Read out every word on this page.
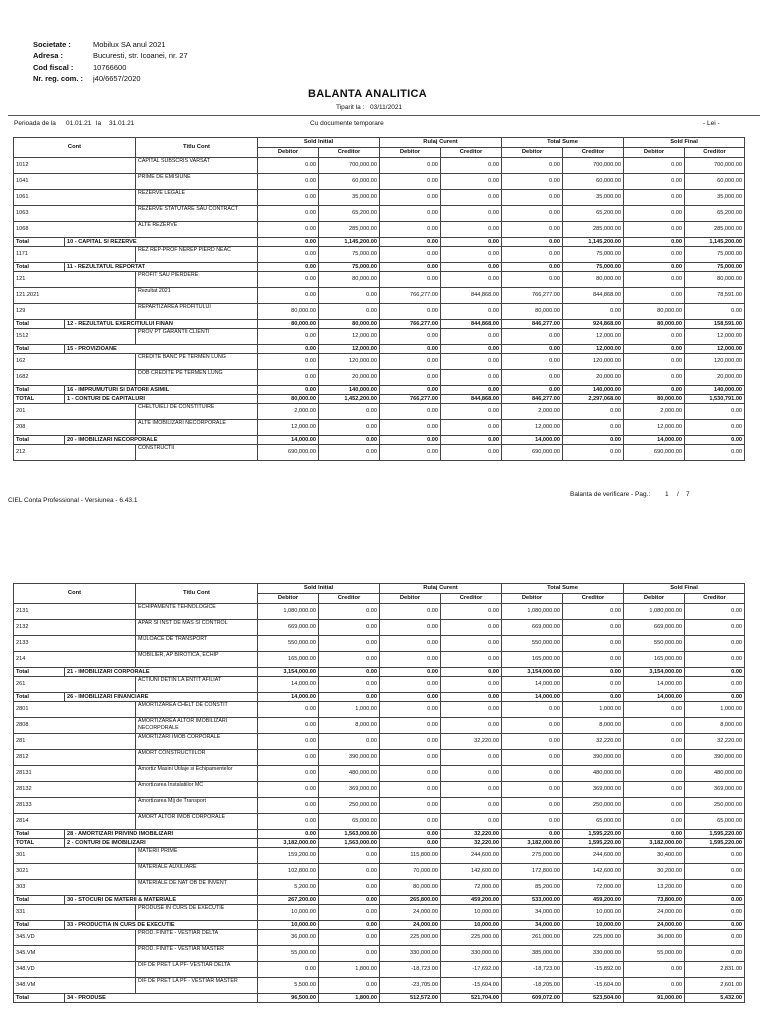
Societate :	Mobilux SA anul 2021
Adresa :	Bucuresti, str. Icoanei, nr. 27
Cod fiscal :	10766600
Nr. reg. com. : j40/6657/2020
BALANTA ANALITICA
Tiparit la : 03/11/2021
Perioada de la 01.01.21 la 31.01.21	Cu documente temporare	- Lei -
Cont		Titlu Cont	Sold Initial		Rulaj Curent		Total Sume		Sold Final	
			Debitor	Creditor	Debitor	Creditor	Debitor	Creditor	Debitor	Creditor
1012		CAPITAL SUBSCRIS VARSAT	0.00	700,000.00	0.00	0.00	0.00	700,000.00	0.00	700,000.00
1041		PRIME DE EMISIUNE	0.00	60,000.00	0.00	0.00	0.00	60,000.00	0.00	60,000.00
1061		REZERVE LEGALE	0.00	35,000.00	0.00	0.00	0.00	35,000.00	0.00	35,000.00
1063		REZERVE STATUTARE SAU CONTRACT	0.00	65,200.00	0.00	0.00	0.00	65,200.00	0.00	65,200.00
1068		ALTE REZERVE	0.00	285,000.00	0.00	0.00	0.00	285,000.00	0.00	285,000.00
Total	10 - CAPITAL SI REZERVE		0.00	1,145,200.00	0.00	0.00	0.00	1,145,200.00	0.00	1,145,200.00
1171		REZ REP-PROF NEREP PIERD NEAC	0.00	75,000.00	0.00	0.00	0.00	75,000.00	0.00	75,000.00
Total	11 - REZULTATUL REPORTAT		0.00	75,000.00	0.00	0.00	0.00	75,000.00	0.00	75,000.00
121		PROFIT SAU PIERDERE	0.00	80,000.00	0.00	0.00	0.00	80,000.00	0.00	80,000.00
121.2021		Rezultat 2021	0.00	0.00	766,277.00	844,868.00	766,277.00	844,868.00	0.00	78,591.00
129		REPARTIZAREA PROFITULUI	80,000.00	0.00	0.00	0.00	80,000.00	0.00	80,000.00	0.00
Total	12 - REZULTATUL EXERCITIULUI FINAN		80,000.00	80,000.00	766,277.00	844,868.00	846,277.00	924,868.00	80,000.00	158,591.00
1512		PROV PT GARANTII CLIENTI	0.00	12,000.00	0.00	0.00	0.00	12,000.00	0.00	12,000.00
Total	15 - PROVIZIOANE		0.00	12,000.00	0.00	0.00	0.00	12,000.00	0.00	12,000.00
162		CREDITE BANC PE TERMEN LUNG	0.00	120,000.00	0.00	0.00	0.00	120,000.00	0.00	120,000.00
1682		DOB CREDITE PE TERMEN LUNG	0.00	20,000.00	0.00	0.00	0.00	20,000.00	0.00	20,000.00
Total	16 - IMPRUMUTURI SI DATORII ASIMIL		0.00	140,000.00	0.00	0.00	0.00	140,000.00	0.00	140,000.00
TOTAL	1 - CONTURI DE CAPITALURI		80,000.00	1,452,200.00	766,277.00	844,868.00	846,277.00	2,297,068.00	80,000.00	1,530,791.00
201		CHELTUIELI DE CONSTITUIRE	2,000.00	0.00	0.00	0.00	2,000.00	0.00	2,000.00	0.00
208		ALTE IMOBILIZARI NECORPORALE	12,000.00	0.00	0.00	0.00	12,000.00	0.00	12,000.00	0.00
Total	20 - IMOBILIZARI NECORPORALE		14,000.00	0.00	0.00	0.00	14,000.00	0.00	14,000.00	0.00
212		CONSTRUCTII	690,000.00	0.00	0.00	0.00	690,000.00	0.00	690,000.00	0.00
CIEL Conta Professional - Versiunea - 6.43.1
Balanta de verificare - Pag.: 1 / 7
Cont		Titlu Cont	Sold Initial		Rulaj Curent		Total Sume		Sold Final	
			Debitor	Creditor	Debitor	Creditor	Debitor	Creditor	Debitor	Creditor
2131		ECHIPAMENTE TEHNOLOGICE	1,080,000.00	0.00	0.00	0.00	1,080,000.00	0.00	1,080,000.00	0.00
2132		APAR SI INST DE MAS SI CONTROL	669,000.00	0.00	0.00	0.00	669,000.00	0.00	669,000.00	0.00
2133		MIJLOACE DE TRANSPORT	550,000.00	0.00	0.00	0.00	550,000.00	0.00	550,000.00	0.00
214		MOBILIER, AP BIROTICA, ECHIP	165,000.00	0.00	0.00	0.00	165,000.00	0.00	165,000.00	0.00
Total	21 - IMOBILIZARI CORPORALE		3,154,000.00	0.00	0.00	0.00	3,154,000.00	0.00	3,154,000.00	0.00
261		ACTIUNI DETIN LA ENTIT AFILIAT	14,000.00	0.00	0.00	0.00	14,000.00	0.00	14,000.00	0.00
Total	26 - IMOBILIZARI FINANCIARE		14,000.00	0.00	0.00	0.00	14,000.00	0.00	14,000.00	0.00
2801		AMORTIZAREA CHELT DE CONSTIT	0.00	1,000.00	0.00	0.00	0.00	1,000.00	0.00	1,000.00
2808		AMORTIZAREA ALTOR IMOBILIZARI NECORPORALE	0.00	8,000.00	0.00	0.00	0.00	8,000.00	0.00	8,000.00
281		AMORTIZARI IMOB CORPORALE	0.00	0.00	0.00	32,220.00	0.00	32,220.00	0.00	32,220.00
2812		AMORT CONSTRUCTIILOR	0.00	390,000.00	0.00	0.00	0.00	390,000.00	0.00	390,000.00
28131		Amortiz Masini Utilaje si Echipamentelor	0.00	480,000.00	0.00	0.00	0.00	480,000.00	0.00	480,000.00
28132		Amortizarea Instalatiilor MC	0.00	369,000.00	0.00	0.00	0.00	369,000.00	0.00	369,000.00
28133		Amortizarea Mij de Transport	0.00	250,000.00	0.00	0.00	0.00	250,000.00	0.00	250,000.00
2814		AMORT ALTOR IMOB CORPORALE	0.00	65,000.00	0.00	0.00	0.00	65,000.00	0.00	65,000.00
Total	28 - AMORTIZARI PRIVIND IMOBILIZARI		0.00	1,563,000.00	0.00	32,220.00	0.00	1,595,220.00	0.00	1,595,220.00
TOTAL	2 - CONTURI DE IMOBILIZARI		3,182,000.00	1,563,000.00	0.00	32,220.00	3,182,000.00	1,595,220.00	3,182,000.00	1,595,220.00
301		MATERII PRIME	159,200.00	0.00	115,800.00	244,600.00	275,000.00	244,600.00	30,400.00	0.00
3021		MATERIALE AUXILIARE	102,800.00	0.00	70,000.00	142,600.00	172,800.00	142,600.00	30,200.00	0.00
303		MATERIALE DE NAT OB DE INVENT	5,200.00	0.00	80,000.00	72,000.00	85,200.00	72,000.00	13,200.00	0.00
Total	30 - STOCURI DE MATERII & MATERIALE		267,200.00	0.00	265,800.00	459,200.00	533,000.00	459,200.00	73,800.00	0.00
331		PRODUSE IN CURS DE EXECUTIE	10,000.00	0.00	24,000.00	10,000.00	34,000.00	10,000.00	24,000.00	0.00
Total	33 - PRODUCTIA IN CURS DE EXECUTIE		10,000.00	0.00	24,000.00	10,000.00	34,000.00	10,000.00	24,000.00	0.00
345.VD		PROD. FINITE - VESTIAR DELTA	36,000.00	0.00	225,000.00	225,000.00	261,000.00	225,000.00	36,000.00	0.00
345.VM		PROD. FINITE - VESTIAR MASTER	55,000.00	0.00	330,000.00	330,000.00	385,000.00	330,000.00	55,000.00	0.00
348.VD		DIF DE PRET LA PF- VESTIAR DELTA	0.00	1,800.00	-18,723.00	-17,692.00	-18,723.00	-15,892.00	0.00	2,831.00
348.VM		DIF DE PRET LA PF - VESTIAR MASTER	5,500.00	0.00	-23,705.00	-15,604.00	-18,205.00	-15,604.00	0.00	2,601.00
Total	34 - PRODUSE		96,500.00	1,800.00	512,572.00	521,704.00	609,072.00	523,504.00	91,000.00	5,432.00
